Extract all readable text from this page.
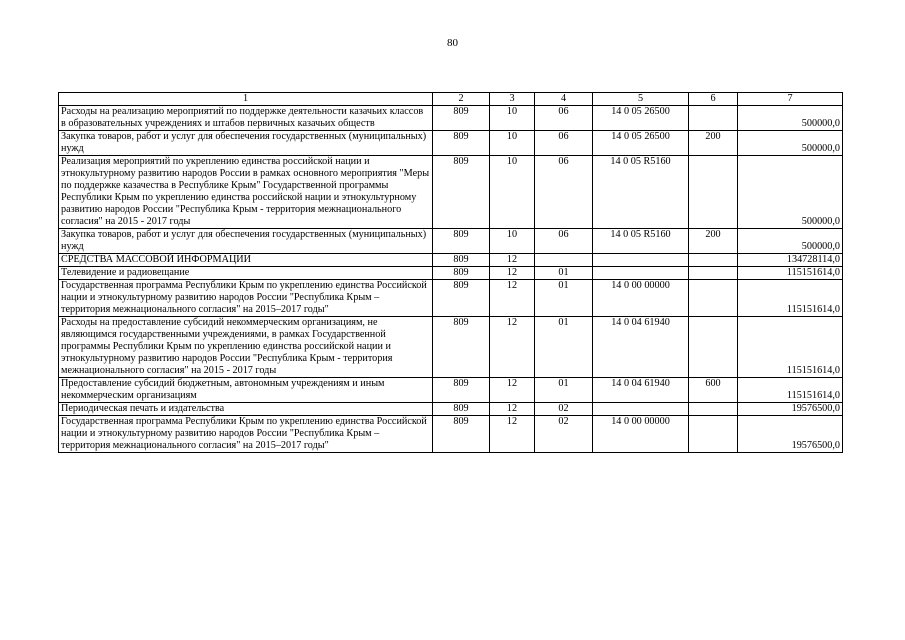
80
1	2	3	4	5	6	7
Расходы на реализацию мероприятий по поддержке деятельности казачьих классов в образовательных учреждениях и штабов первичных казачьих обществ	809	10	06	14 0 05 26500		500000,0
Закупка товаров, работ и услуг для обеспечения государственных (муниципальных) нужд	809	10	06	14 0 05 26500	200	500000,0
Реализация мероприятий по укреплению единства российской нации и этнокультурному развитию народов России в рамках основного мероприятия "Меры по поддержке казачества в Республике Крым" Государственной программы Республики Крым по укреплению единства российской нации и этнокультурному развитию народов России "Республика Крым - территория межнационального согласия" на 2015 - 2017 годы	809	10	06	14 0 05 R5160		500000,0
Закупка товаров, работ и услуг для обеспечения государственных (муниципальных) нужд	809	10	06	14 0 05 R5160	200	500000,0
СРЕДСТВА МАССОВОЙ ИНФОРМАЦИИ	809	12				134728114,0
Телевидение и радиовещание	809	12	01			115151614,0
Государственная программа Республики Крым по укреплению единства Российской нации и этнокультурному развитию народов России "Республика Крым – территория межнационального согласия" на 2015–2017 годы"	809	12	01	14 0 00 00000		115151614,0
Расходы на предоставление субсидий некоммерческим организациям, не являющимся государственными учреждениями, в рамках Государственной программы Республики Крым по укреплению единства российской нации и этнокультурному развитию народов России "Республика Крым - территория межнационального согласия" на 2015 - 2017 годы	809	12	01	14 0 04 61940		115151614,0
Предоставление субсидий бюджетным, автономным учреждениям и иным некоммерческим организациям	809	12	01	14 0 04 61940	600	115151614,0
Периодическая печать и издательства	809	12	02			19576500,0
Государственная программа Республики Крым по укреплению единства Российской нации и этнокультурному развитию народов России "Республика Крым – территория межнационального согласия" на 2015–2017 годы"	809	12	02	14 0 00 00000		19576500,0
